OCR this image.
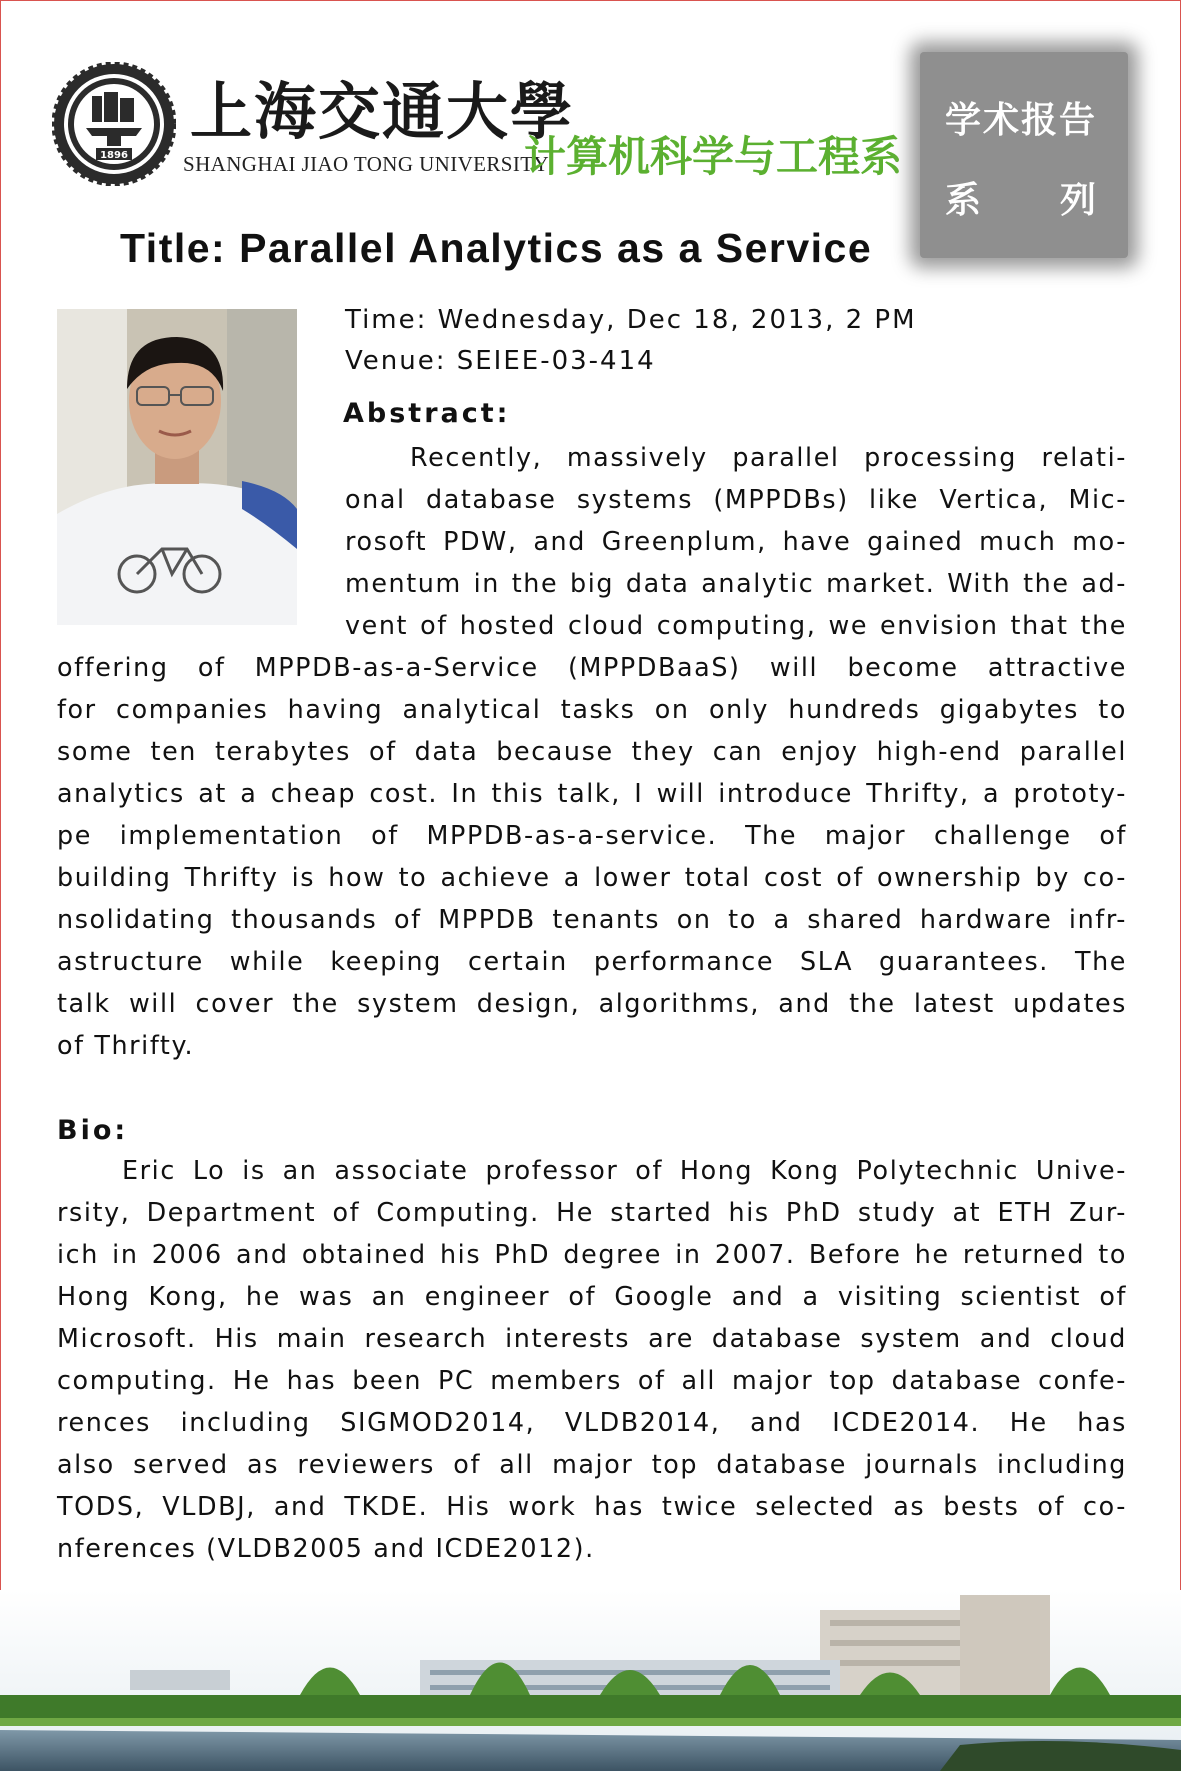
1896
上海交通大學
SHANGHAI JIAO TONG UNIVERSITY
计算机科学与工程系
学术报告
系 列
Title: Parallel Analytics as a Service
Time: Wednesday, Dec 18, 2013, 2 PM
Venue: SEIEE-03-414
Abstract:
Recently, massively parallel processing relati-
onal database systems (MPPDBs) like Vertica, Mic-
rosoft PDW, and Greenplum, have gained much mo-
mentum in the big data analytic market. With the ad-
vent of hosted cloud computing, we envision that the
offering of MPPDB-as-a-Service (MPPDBaaS) will become attractive
for companies having analytical tasks on only hundreds gigabytes to
some ten terabytes of data because they can enjoy high-end parallel
analytics at a cheap cost. In this talk, I will introduce Thrifty, a prototy-
pe implementation of MPPDB-as-a-service. The major challenge of
building Thrifty is how to achieve a lower total cost of ownership by co-
nsolidating thousands of MPPDB tenants on to a shared hardware infr-
astructure while keeping certain performance SLA guarantees. The
talk will cover the system design, algorithms, and the latest updates
of Thrifty.
Bio:
Eric Lo is an associate professor of Hong Kong Polytechnic Unive-
rsity, Department of Computing. He started his PhD study at ETH Zur-
ich in 2006 and obtained his PhD degree in 2007. Before he returned to
Hong Kong, he was an engineer of Google and a visiting scientist of
Microsoft. His main research interests are database system and cloud
computing. He has been PC members of all major top database confe-
rences including SIGMOD2014, VLDB2014, and ICDE2014. He has
also served as reviewers of all major top database journals including
TODS, VLDBJ, and TKDE. His work has twice selected as bests of co-
nferences (VLDB2005 and ICDE2012).
